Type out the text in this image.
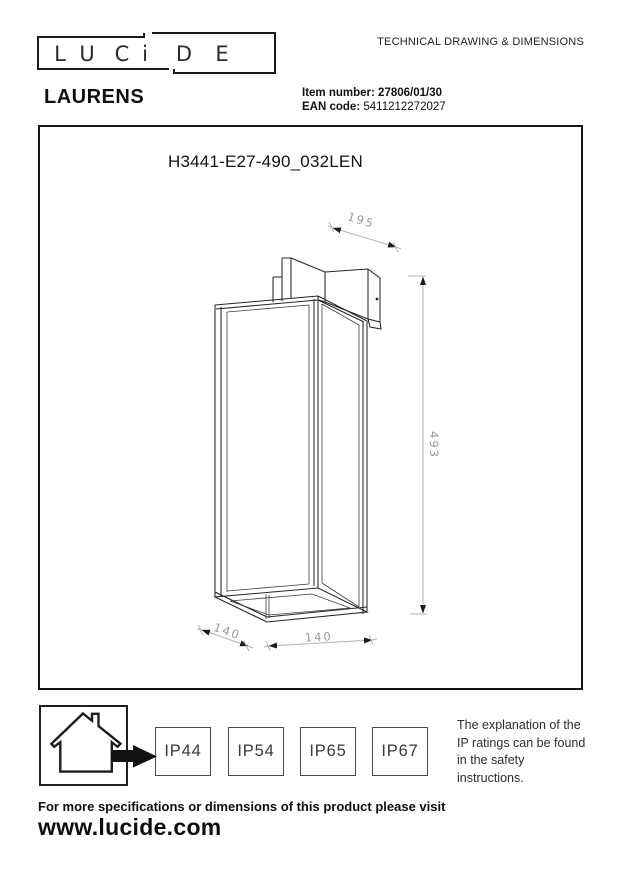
L U C i D E	TECHNICAL DRAWING & DIMENSIONS
LAURENS	Item number: 27806/01/30
EAN code: 5411212272027
H3441-E27-490_032LEN
195
493
140	140
IP44	IP54	IP65	IP67
The explanation of the IP ratings can be found in the safety instructions.
For more specifications or dimensions of this product please visit
www.lucide.com
